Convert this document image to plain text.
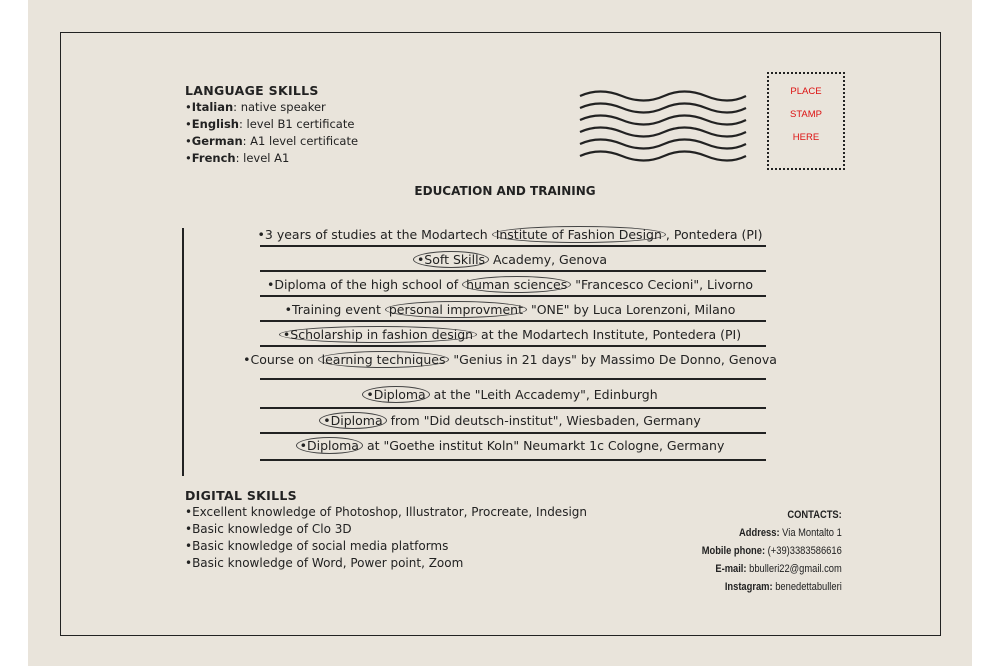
LANGUAGE SKILLS
•Italian: native speaker
•English: level B1 certificate
•German: A1 level certificate
•French: level A1
PLACE
STAMP
HERE
EDUCATION AND TRAINING
•3 years of studies at the Modartech Institute of Fashion Design , Pontedera (PI)
•Soft Skills Academy, Genova
•Diploma of the high school of human sciences "Francesco Cecioni", Livorno
•Training event personal improvment "ONE" by Luca Lorenzoni, Milano
•Scholarship in fashion design at the Modartech Institute, Pontedera (PI)
•Course on learning techniques "Genius in 21 days" by Massimo De Donno, Genova
•Diploma at the "Leith Accademy", Edinburgh
•Diploma from "Did deutsch-institut", Wiesbaden, Germany
•Diploma at "Goethe institut Koln" Neumarkt 1c Cologne, Germany
DIGITAL SKILLS
•Excellent knowledge of Photoshop, Illustrator, Procreate, Indesign
•Basic knowledge of Clo 3D
•Basic knowledge of social media platforms
•Basic knowledge of Word, Power point, Zoom
CONTACTS:
Address: Via Montalto 1
Mobile phone: (+39)3383586616
E-mail: bbulleri22@gmail.com
Instagram: benedettabulleri
